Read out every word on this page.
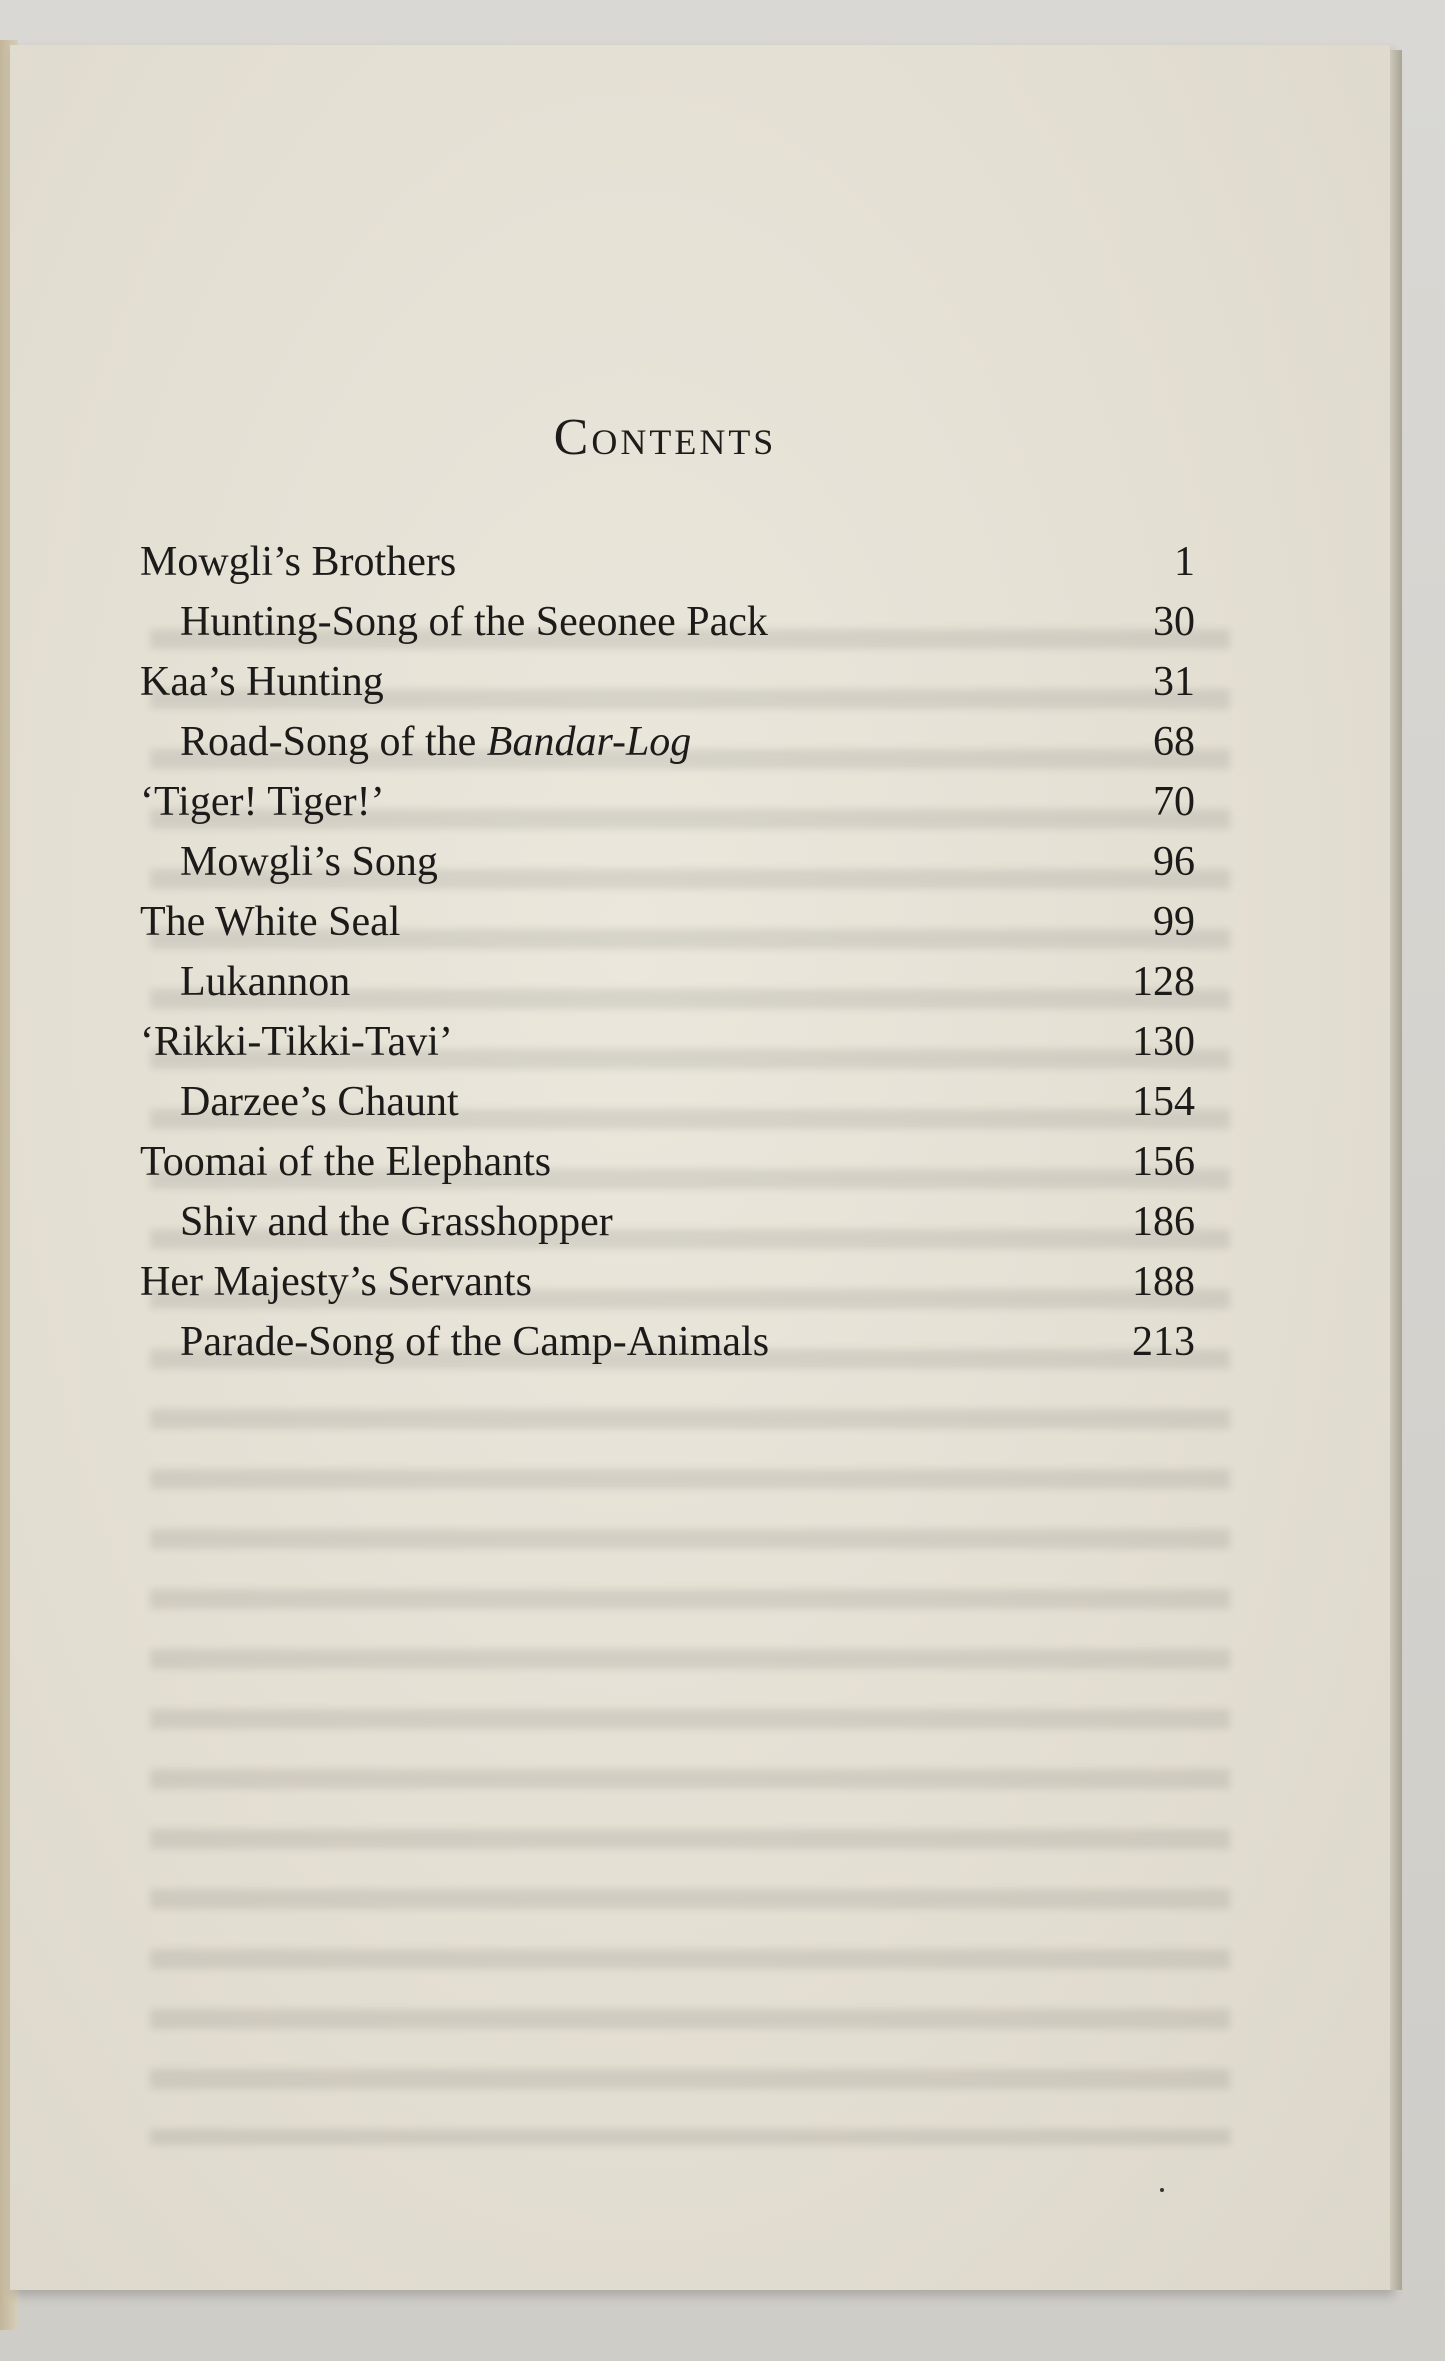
Contents
Mowgli’s Brothers	1
Hunting-Song of the Seeonee Pack	30
Kaa’s Hunting	31
Road-Song of the Bandar-Log	68
‘Tiger! Tiger!’	70
Mowgli’s Song	96
The White Seal	99
Lukannon	128
‘Rikki-Tikki-Tavi’	130
Darzee’s Chaunt	154
Toomai of the Elephants	156
Shiv and the Grasshopper	186
Her Majesty’s Servants	188
Parade-Song of the Camp-Animals	213
